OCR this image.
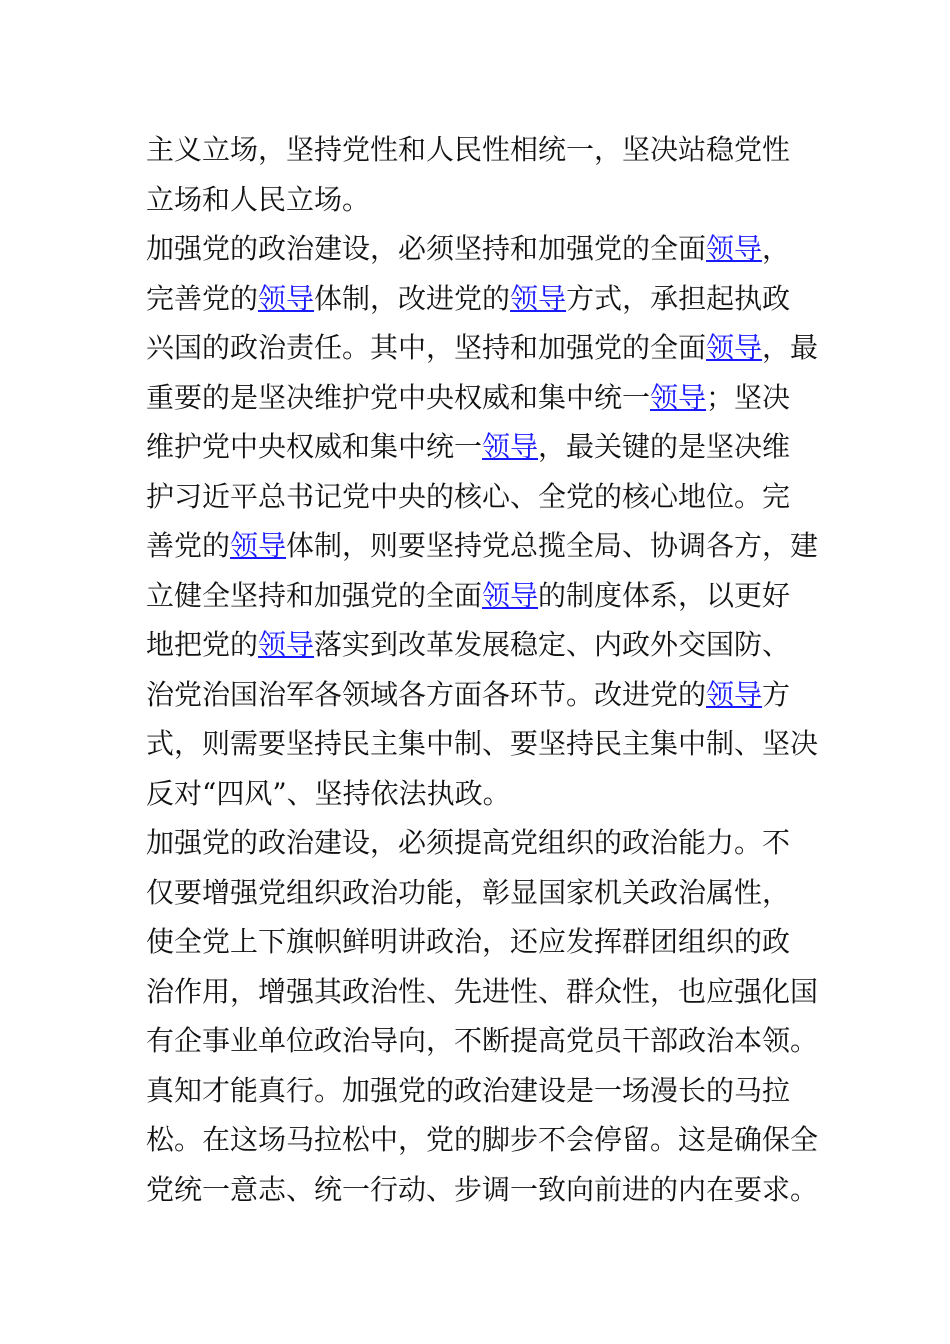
主义立场，坚持党性和人民性相统一，坚决站稳党性

立场和人民立场。

加强党的政治建设，必须坚持和加强党的全面领导，

完善党的领导体制，改进党的领导方式，承担起执政

兴国的政治责任。其中，坚持和加强党的全面领导，最

重要的是坚决维护党中央权威和集中统一领导；坚决

维护党中央权威和集中统一领导，最关键的是坚决维

护习近平总书记党中央的核心、全党的核心地位。完

善党的领导体制，则要坚持党总揽全局、协调各方，建

立健全坚持和加强党的全面领导的制度体系，以更好

地把党的领导落实到改革发展稳定、内政外交国防、

治党治国治军各领域各方面各环节。改进党的领导方

式，则需要坚持民主集中制、要坚持民主集中制、坚决

反对“四风”、坚持依法执政。

加强党的政治建设，必须提高党组织的政治能力。不

仅要增强党组织政治功能，彰显国家机关政治属性，

使全党上下旗帜鲜明讲政治，还应发挥群团组织的政

治作用，增强其政治性、先进性、群众性，也应强化国

有企事业单位政治导向，不断提高党员干部政治本领。

真知才能真行。加强党的政治建设是一场漫长的马拉

松。在这场马拉松中，党的脚步不会停留。这是确保全

党统一意志、统一行动、步调一致向前进的内在要求。
